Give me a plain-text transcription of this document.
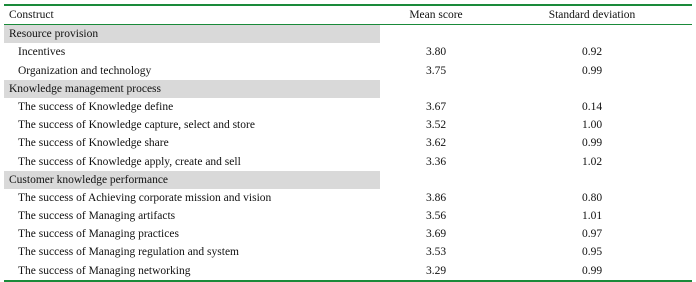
Construct	Mean score	Standard deviation
Resource provision
Incentives	3.80	0.92
Organization and technology	3.75	0.99
Knowledge management process
The success of Knowledge define	3.67	0.14
The success of Knowledge capture, select and store	3.52	1.00
The success of Knowledge share	3.62	0.99
The success of Knowledge apply, create and sell	3.36	1.02
Customer knowledge performance
The success of Achieving corporate mission and vision	3.86	0.80
The success of Managing artifacts	3.56	1.01
The success of Managing practices	3.69	0.97
The success of Managing regulation and system	3.53	0.95
The success of Managing networking	3.29	0.99
